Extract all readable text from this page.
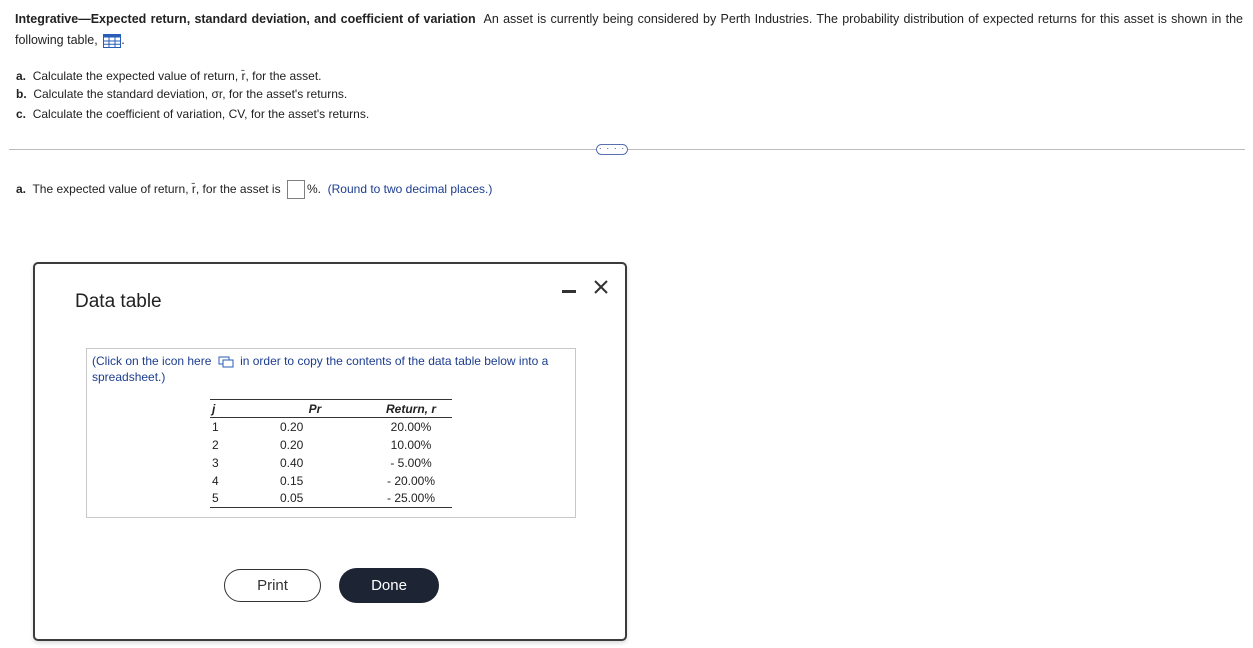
Integrative—Expected return, standard deviation, and coefficient of variation An asset is currently being considered by Perth Industries. The probability distribution of expected returns for this asset is shown in the following table, .
a. Calculate the expected value of return, r̄, for the asset.
b. Calculate the standard deviation, σr, for the asset's returns.
c. Calculate the coefficient of variation, CV, for the asset's returns.
· · · ·
a. The expected value of return, r̄, for the asset is %. (Round to two decimal places.)
Data table
(Click on the icon here in order to copy the contents of the data table below into a spreadsheet.)
j		Pr		Return, r
1		0.20		20.00%
2		0.20		10.00%
3		0.40		- 5.00%
4		0.15		- 20.00%
5		0.05		- 25.00%
Print	Done
